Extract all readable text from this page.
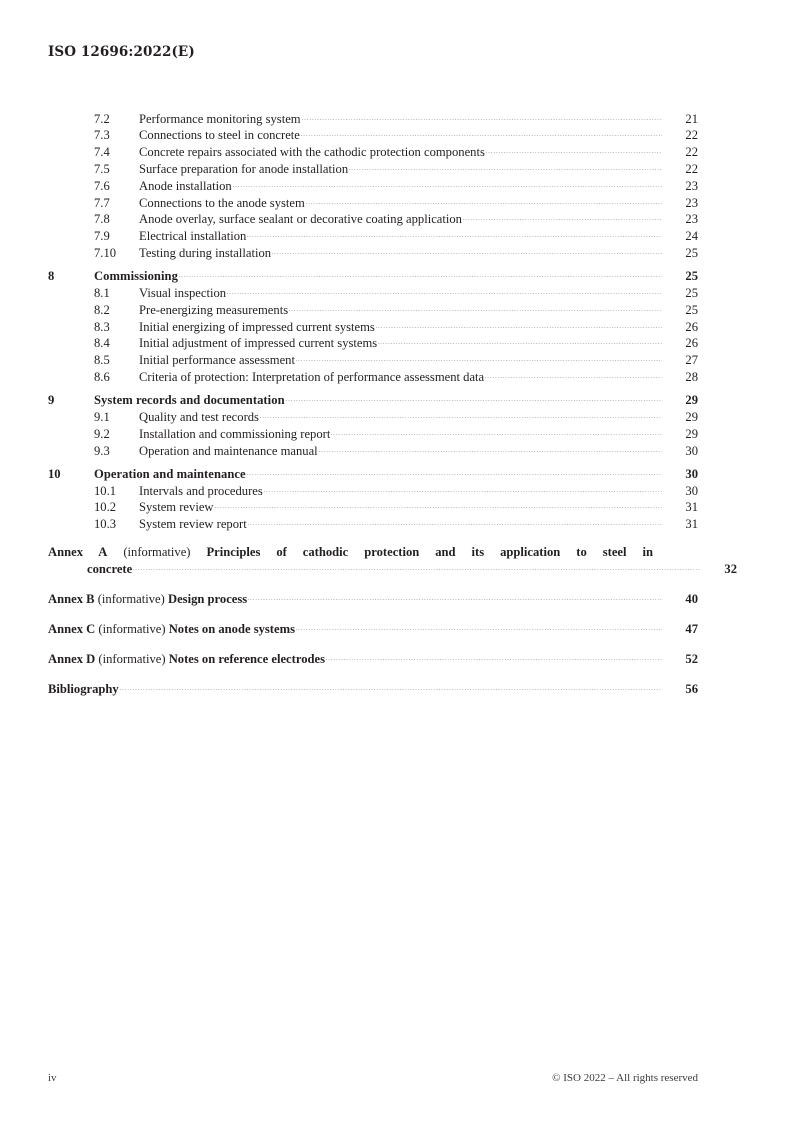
ISO 12696:2022(E)
7.2	Performance monitoring system	21
7.3	Connections to steel in concrete	22
7.4	Concrete repairs associated with the cathodic protection components	22
7.5	Surface preparation for anode installation	22
7.6	Anode installation	23
7.7	Connections to the anode system	23
7.8	Anode overlay, surface sealant or decorative coating application	23
7.9	Electrical installation	24
7.10	Testing during installation	25
8	Commissioning	25
8.1	Visual inspection	25
8.2	Pre-energizing measurements	25
8.3	Initial energizing of impressed current systems	26
8.4	Initial adjustment of impressed current systems	26
8.5	Initial performance assessment	27
8.6	Criteria of protection: Interpretation of performance assessment data	28
9	System records and documentation	29
9.1	Quality and test records	29
9.2	Installation and commissioning report	29
9.3	Operation and maintenance manual	30
10	Operation and maintenance	30
10.1	Intervals and procedures	30
10.2	System review	31
10.3	System review report	31
Annex A (informative) Principles of cathodic protection and its application to steel in
concrete	32
Annex B (informative) Design process	40
Annex C (informative) Notes on anode systems	47
Annex D (informative) Notes on reference electrodes	52
Bibliography	56
iv	© ISO 2022 – All rights reserved
